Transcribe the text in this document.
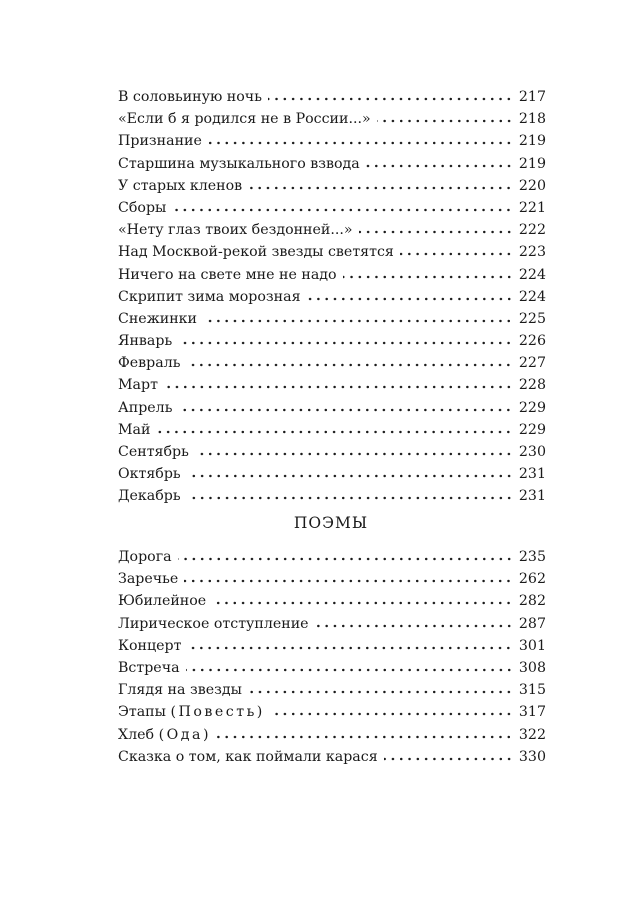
В соловьиную ночь	217
«Если б я родился не в России...»	218
Признание	219
Старшина музыкального взвода	219
У старых кленов	220
Сборы	221
«Нету глаз твоих бездонней...»	222
Над Москвой-рекой звезды светятся	223
Ничего на свете мне не надо	224
Скрипит зима морозная	224
Снежинки	225
Январь	226
Февраль	227
Март	228
Апрель	229
Май	229
Сентябрь	230
Октябрь	231
Декабрь	231
ПОЭМЫ
Дорога	235
Заречье	262
Юбилейное	282
Лирическое отступление	287
Концерт	301
Встреча	308
Глядя на звезды	315
Этапы (Повесть)	317
Хлеб (Ода)	322
Сказка о том, как поймали карася	330
